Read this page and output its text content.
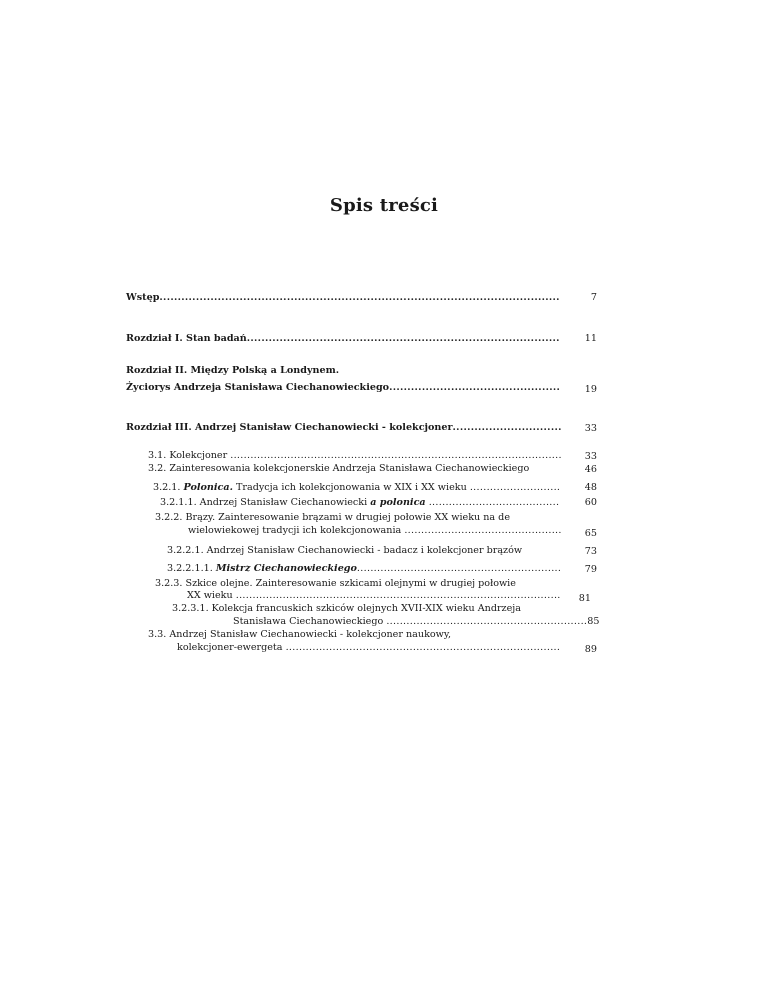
Spis treści
Wstęp..............................................................................................................	7
Rozdział I. Stan badań......................................................................................	11
Rozdział II. Między Polską a Londynem.
Życiorys Andrzeja Stanisława Ciechanowieckiego...............................................	19
Rozdział III. Andrzej Stanisław Ciechanowiecki - kolekcjoner..............................	33
3.1. Kolekcjoner ...................................................................................................	33
3.2. Zainteresowania kolekcjonerskie Andrzeja Stanisława Ciechanowieckiego	46
3.2.1. Polonica. Tradycja ich kolekcjonowania w XIX i XX wieku ...........................	48
3.2.1.1. Andrzej Stanisław Ciechanowiecki a polonica .......................................	60
3.2.2. Brązy. Zainteresowanie brązami w drugiej połowie XX wieku na de
wielowiekowej tradycji ich kolekcjonowania ...............................................	65
3.2.2.1. Andrzej Stanisław Ciechanowiecki - badacz i kolekcjoner brązów	73
3.2.2.1.1. Mistrz Ciechanowieckiego.............................................................	79
3.2.3. Szkice olejne. Zainteresowanie szkicami olejnymi w drugiej połowie
XX wieku .................................................................................................	81
3.2.3.1. Kolekcja francuskich szkiców olejnych XVII-XIX wieku Andrzeja
Stanisława Ciechanowieckiego ............................................................85
3.3. Andrzej Stanisław Ciechanowiecki - kolekcjoner naukowy,
kolekcjoner-ewergeta ..................................................................................	89
